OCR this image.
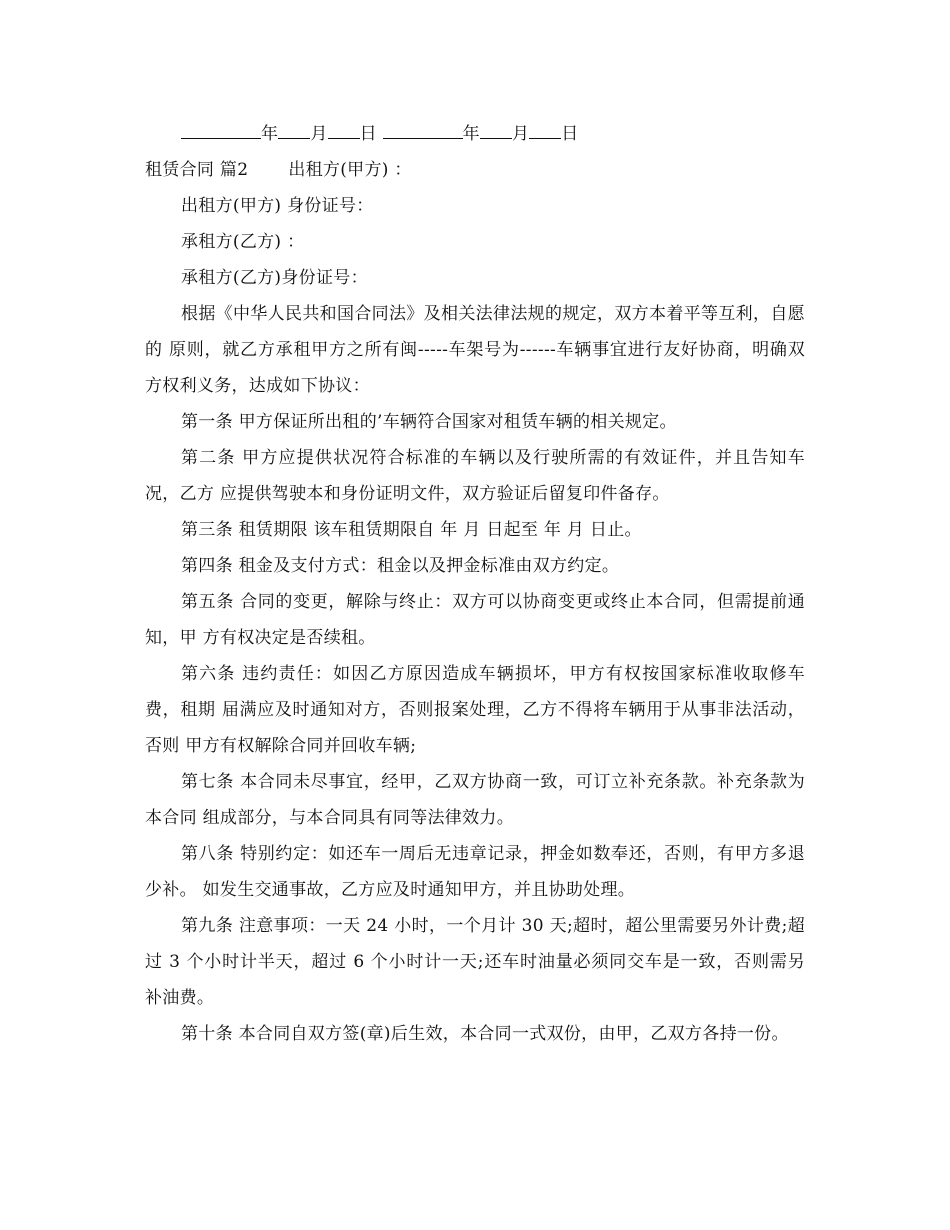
年 月 日	年 月 日
租赁合同 篇2 出租方(甲方) ：
出租方(甲方) 身份证号：
承租方(乙方) ：
承租方(乙方)身份证号：
根据《中华人民共和国合同法》及相关法律法规的规定，双方本着平等互利，自愿的 原则，就乙方承租甲方之所有闽-----车架号为------车辆事宜进行友好协商，明确双方权利义务，达成如下协议：
第一条 甲方保证所出租的’车辆符合国家对租赁车辆的相关规定。
第二条 甲方应提供状况符合标准的车辆以及行驶所需的有效证件，并且告知车况，乙方 应提供驾驶本和身份证明文件，双方验证后留复印件备存。
第三条 租赁期限 该车租赁期限自 年 月 日起至 年 月 日止。
第四条 租金及支付方式：租金以及押金标准由双方约定。
第五条 合同的变更，解除与终止：双方可以协商变更或终止本合同，但需提前通知，甲 方有权决定是否续租。
第六条 违约责任：如因乙方原因造成车辆损坏，甲方有权按国家标准收取修车费，租期 届满应及时通知对方，否则报案处理，乙方不得将车辆用于从事非法活动，否则 甲方有权解除合同并回收车辆;
第七条 本合同未尽事宜，经甲，乙双方协商一致，可订立补充条款。补充条款为本合同 组成部分，与本合同具有同等法律效力。
第八条 特别约定：如还车一周后无违章记录，押金如数奉还，否则，有甲方多退少补。 如发生交通事故，乙方应及时通知甲方，并且协助处理。
第九条 注意事项：一天 24 小时，一个月计 30 天;超时，超公里需要另外计费;超过 3 个小时计半天，超过 6 个小时计一天;还车时油量必须同交车是一致，否则需另 补油费。
第十条 本合同自双方签(章)后生效，本合同一式双份，由甲，乙双方各持一份。
